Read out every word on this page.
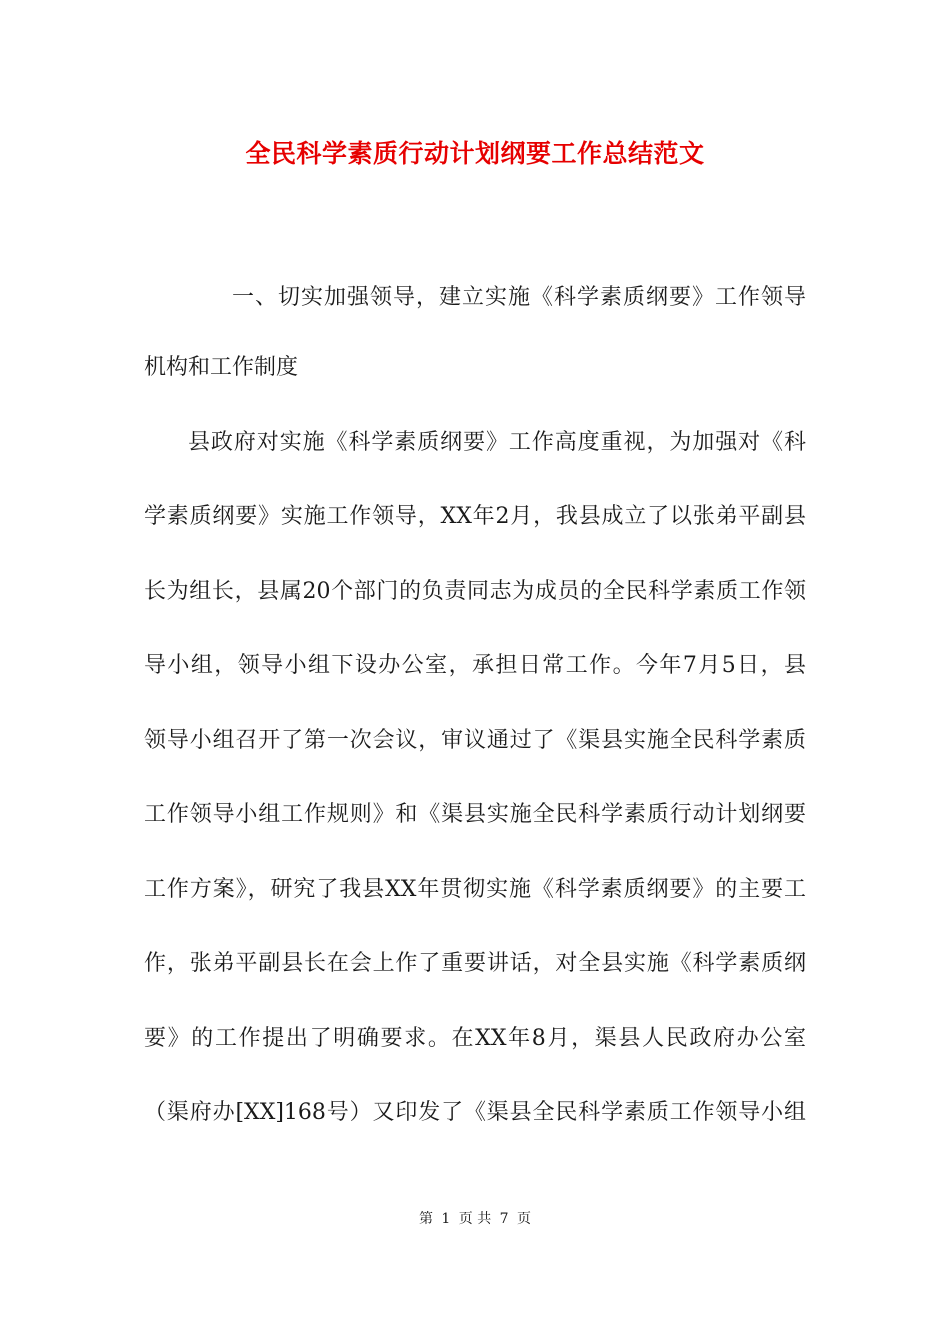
全民科学素质行动计划纲要工作总结范文
一、切实加强领导，建立实施《科学素质纲要》工作领导
机构和工作制度
县政府对实施《科学素质纲要》工作高度重视，为加强对《科
学素质纲要》实施工作领导，XX年2月，我县成立了以张弟平副县
长为组长，县属20个部门的负责同志为成员的全民科学素质工作领
导小组，领导小组下设办公室，承担日常工作。今年7月5日，县
领导小组召开了第一次会议，审议通过了《渠县实施全民科学素质
工作领导小组工作规则》和《渠县实施全民科学素质行动计划纲要
工作方案》，研究了我县XX年贯彻实施《科学素质纲要》的主要工
作，张弟平副县长在会上作了重要讲话，对全县实施《科学素质纲
要》的工作提出了明确要求。在XX年8月，渠县人民政府办公室
（渠府办[XX]168号）又印发了《渠县全民科学素质工作领导小组
第 1 页 共 7 页
